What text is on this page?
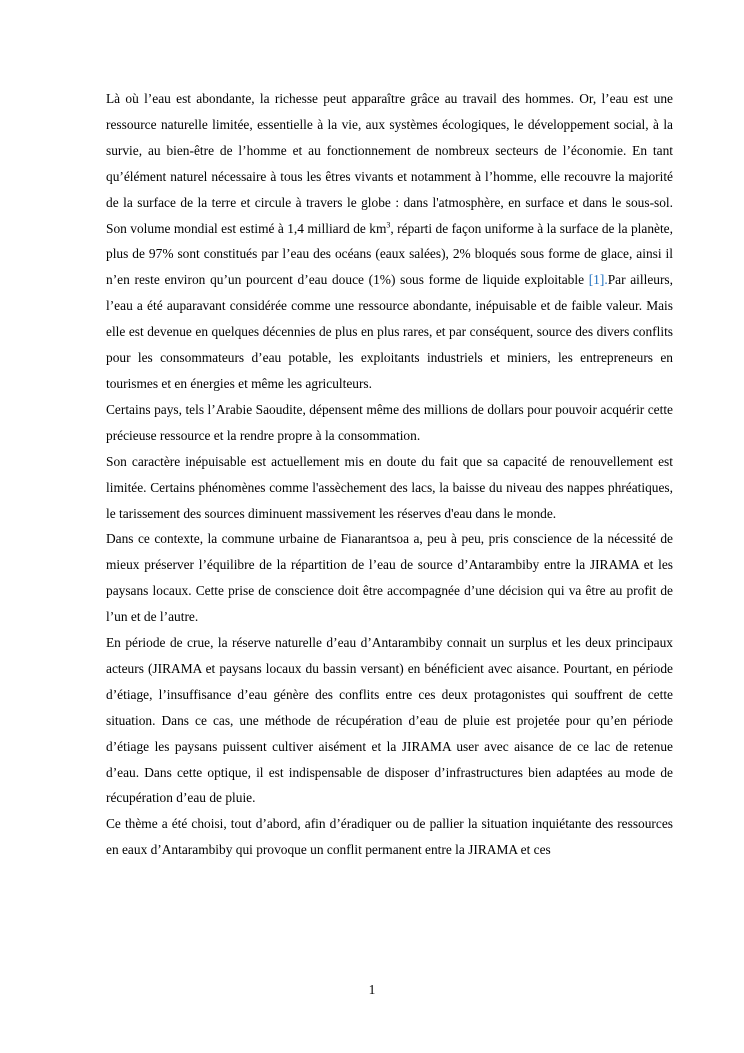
Là où l’eau est abondante, la richesse peut apparaître grâce au travail des hommes. Or, l’eau est une ressource naturelle limitée, essentielle à la vie, aux systèmes écologiques, le développement social, à la survie, au bien-être de l’homme et au fonctionnement de nombreux secteurs de l’économie. En tant qu’élément naturel nécessaire à tous les êtres vivants et notamment à l’homme, elle recouvre la majorité de la surface de la terre et circule à travers le globe : dans l'atmosphère, en surface et dans le sous-sol. Son volume mondial est estimé à 1,4 milliard de $km^3$, réparti de façon uniforme à la surface de la planète, plus de 97% sont constitués par l’eau des océans (eaux salées), 2% bloqués sous forme de glace, ainsi il n’en reste environ qu’un pourcent d’eau douce (1%) sous forme de liquide exploitable [1].Par ailleurs, l’eau a été auparavant considérée comme une ressource abondante, inépuisable et de faible valeur. Mais elle est devenue en quelques décennies de plus en plus rares, et par conséquent, source des divers conflits pour les consommateurs d’eau potable, les exploitants industriels et miniers, les entrepreneurs en tourismes et en énergies et même les agriculteurs.

Certains pays, tels l’Arabie Saoudite, dépensent même des millions de dollars pour pouvoir acquérir cette précieuse ressource et la rendre propre à la consommation.

Son caractère inépuisable est actuellement mis en doute du fait que sa capacité de renouvellement est limitée. Certains phénomènes comme l'assèchement des lacs, la baisse du niveau des nappes phréatiques, le tarissement des sources diminuent massivement les réserves d'eau dans le monde.

Dans ce contexte, la commune urbaine de Fianarantsoa a, peu à peu, pris conscience de la nécessité de mieux préserver l’équilibre de la répartition de l’eau de source d’Antarambiby entre la JIRAMA et les paysans locaux. Cette prise de conscience doit être accompagnée d’une décision qui va être au profit de l’un et de l’autre.

En période de crue, la réserve naturelle d’eau d’Antarambiby connait un surplus et les deux principaux acteurs (JIRAMA et paysans locaux du bassin versant) en bénéficient avec aisance. Pourtant, en période d’étiage, l’insuffisance d’eau génère des conflits entre ces deux protagonistes qui souffrent de cette situation. Dans ce cas, une méthode de récupération d’eau de pluie est projetée pour qu’en période d’étiage les paysans puissent cultiver aisément et la JIRAMA user avec aisance de ce lac de retenue d’eau. Dans cette optique, il est indispensable de disposer d’infrastructures bien adaptées au mode de récupération d’eau de pluie.

Ce thème a été choisi, tout d’abord, afin d’éradiquer ou de pallier la situation inquiétante des ressources en eaux d’Antarambiby qui provoque un conflit permanent entre la JIRAMA et ces

1
